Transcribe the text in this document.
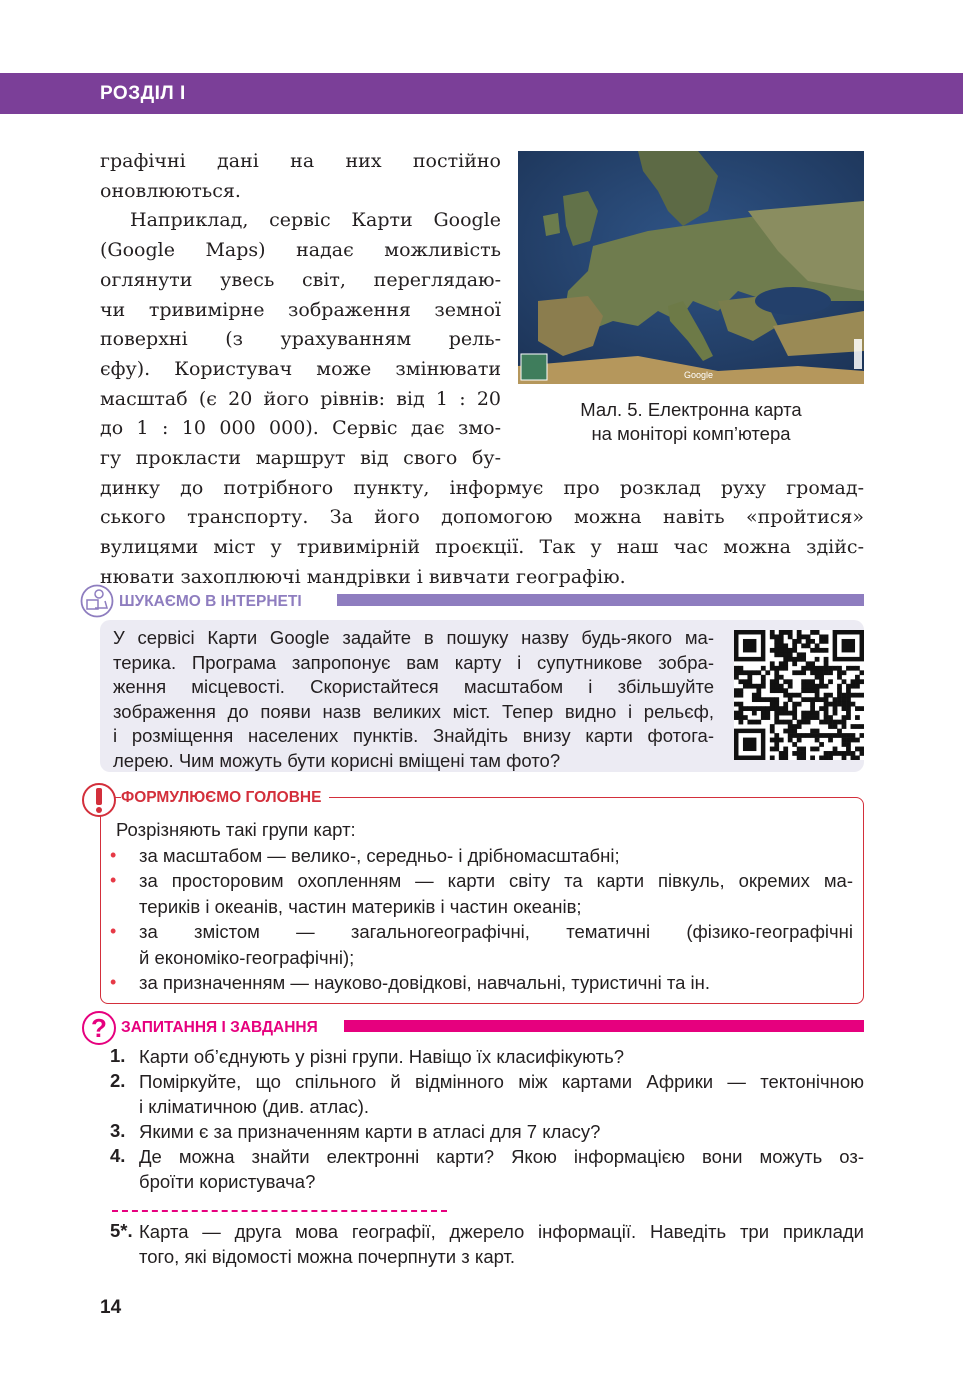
РОЗДІЛ І
графічні дані на них постійно
оновлюються.
Наприклад, сервіс Карти Google
(Google Maps) надає можливість
оглянути увесь світ, переглядаю-
чи тривимірне зображення земної
поверхні (з урахуванням рель-
єфу). Користувач може змінювати
масштаб (є 20 його рівнів: від 1 : 20
до 1 : 10 000 000). Сервіс дає змо-
гу прокласти маршрут від свого бу-
динку до потрібного пункту, інформує про розклад руху громад-
ського транспорту. За його допомогою можна навіть «пройтися»
вулицями міст у тривимірній проєкції. Так у наш час можна здійс-
нювати захоплюючі мандрівки і вивчати географію.
Google
Мал. 5. Електронна карта
на моніторі комп’ютера
ШУКАЄМО В ІНТЕРНЕТІ
У сервісі Карти Google задайте в пошуку назву будь-якого ма-
терика. Програма запропонує вам карту і супутникове зобра-
ження місцевості. Скористайтеся масштабом і збільшуйте
зображення до появи назв великих міст. Тепер видно і рельєф,
і розміщення населених пунктів. Знайдіть внизу карти фотога-
лерею. Чим можуть бути корисні вміщені там фото?
ФОРМУЛЮЄМО ГОЛОВНЕ
Розрізняють такі групи карт:
• за масштабом — велико-, середньо- і дрібномасштабні;
• за просторовим охопленням — карти світу та карти півкуль, окремих ма-
териків і океанів, частин материків і частин океанів;
• за змістом — загальногеографічні, тематичні (фізико-географічні
й економіко-географічні);
• за призначенням — науково-довідкові, навчальні, туристичні та ін.
? ЗАПИТАННЯ І ЗАВДАННЯ
1. Карти об’єднують у різні групи. Навіщо їх класифікують?
2. Поміркуйте, що спільного й відмінного між картами Африки — тектонічною
і кліматичною (див. атлас).
3. Якими є за призначенням карти в атласі для 7 класу?
4. Де можна знайти електронні карти? Якою інформацією вони можуть оз-
броїти користувача?
5*. Карта — друга мова географії, джерело інформації. Наведіть три приклади
того, які відомості можна почерпнути з карт.
14
